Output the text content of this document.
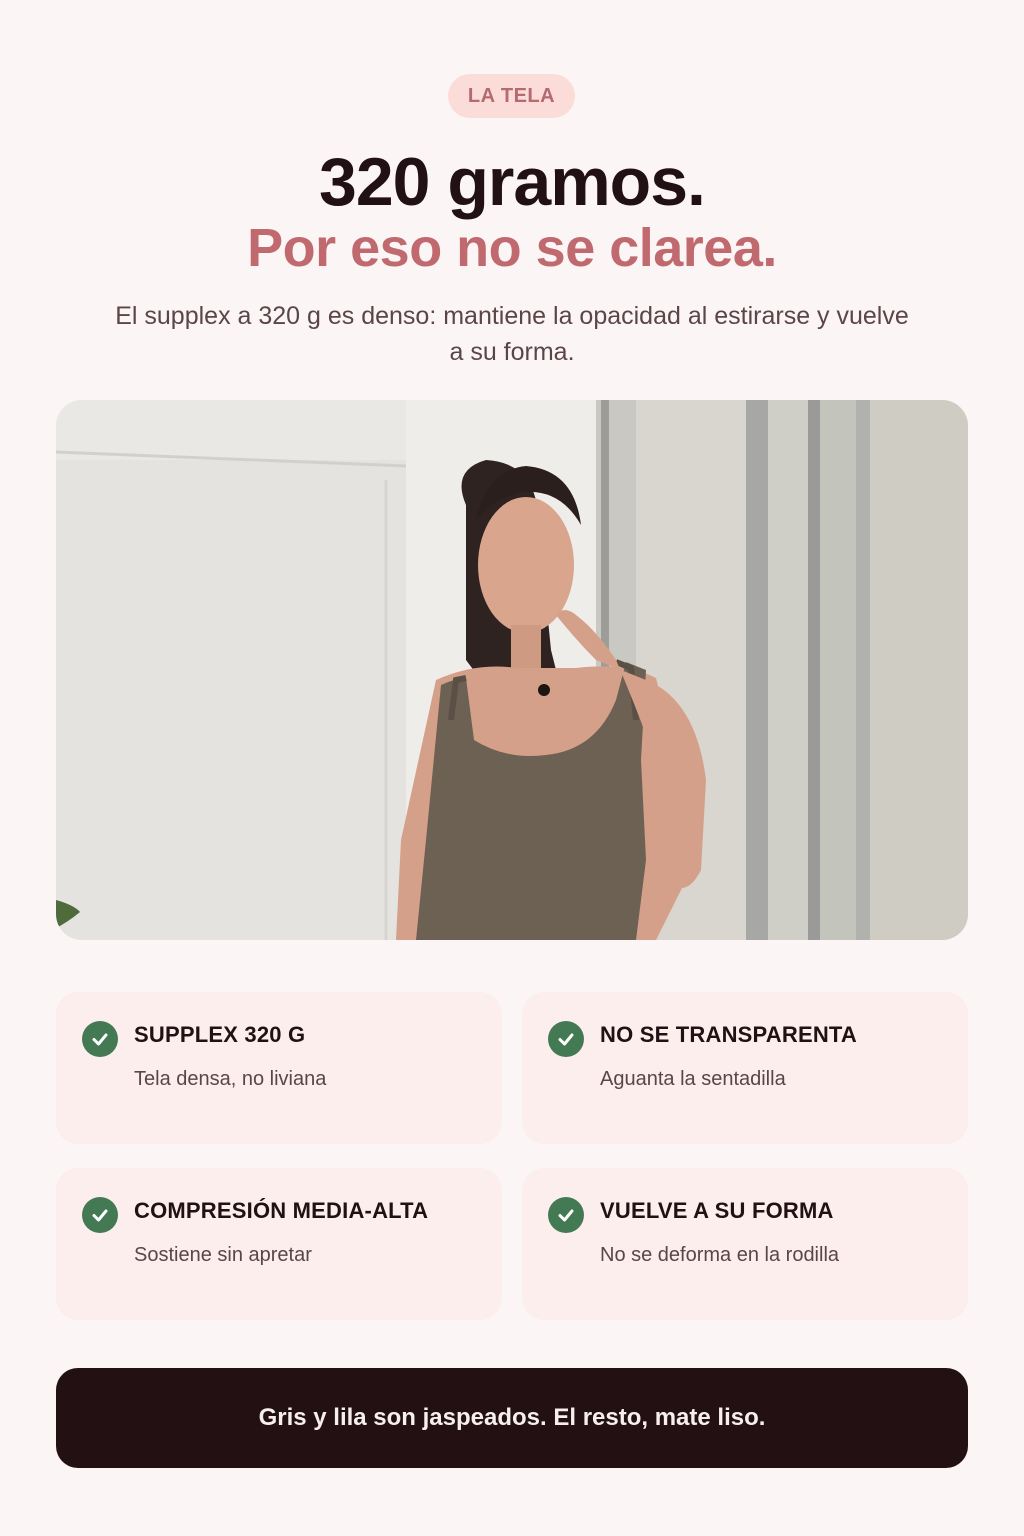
LA TELA
320 gramos.
Por eso no se clarea.
El supplex a 320 g es denso: mantiene la opacidad al estirarse y vuelve a su forma.
SUPPLEX 320 G
Tela densa, no liviana
NO SE TRANSPARENTA
Aguanta la sentadilla
COMPRESIÓN MEDIA-ALTA
Sostiene sin apretar
VUELVE A SU FORMA
No se deforma en la rodilla
Gris y lila son jaspeados. El resto, mate liso.
